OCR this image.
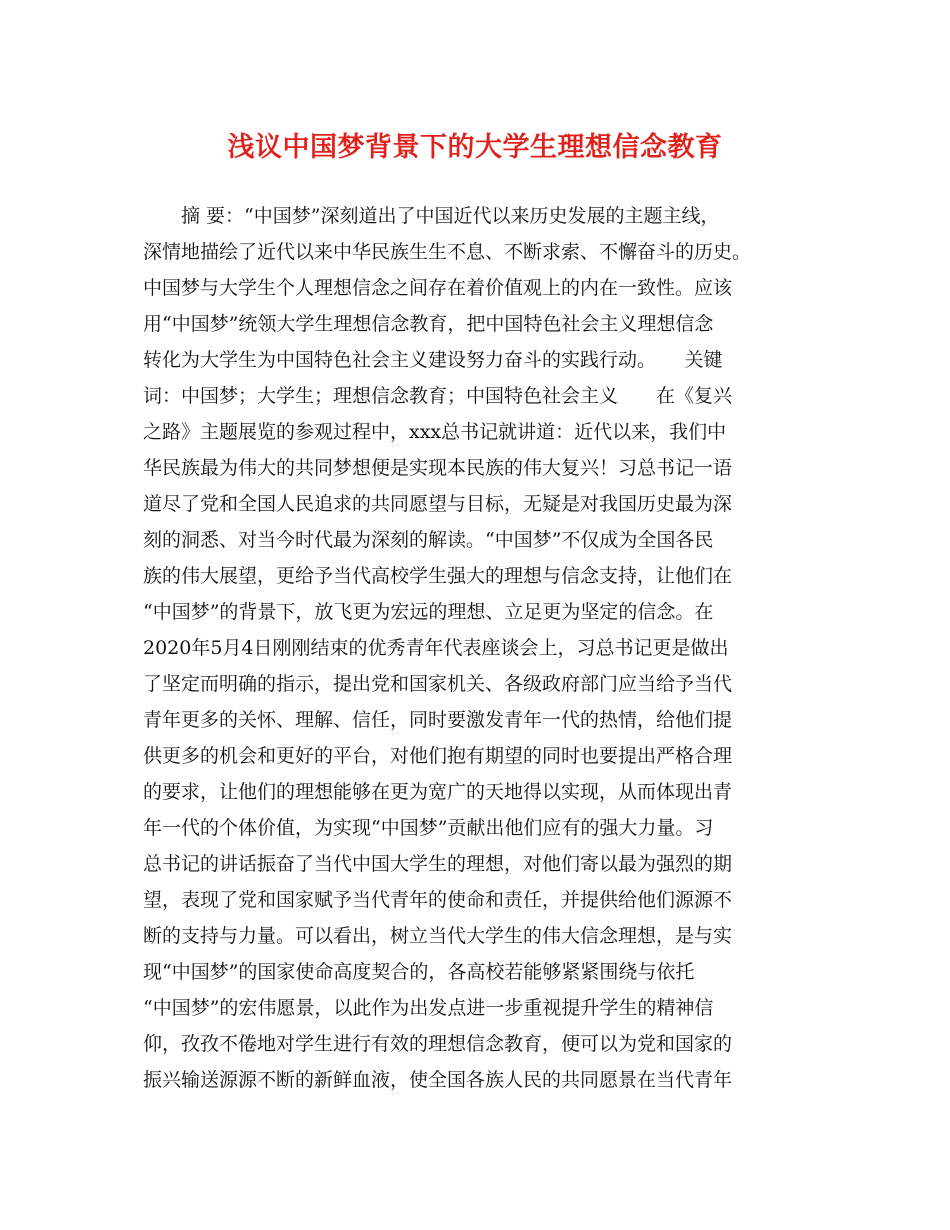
浅议中国梦背景下的大学生理想信念教育
　　摘 要：“中国梦”深刻道出了中国近代以来历史发展的主题主线，
深情地描绘了近代以来中华民族生生不息、不断求索、不懈奋斗的历史。
中国梦与大学生个人理想信念之间存在着价值观上的内在一致性。应该
用“中国梦”统领大学生理想信念教育，把中国特色社会主义理想信念
转化为大学生为中国特色社会主义建设努力奋斗的实践行动。　　关键
词：中国梦；大学生；理想信念教育；中国特色社会主义　　在《复兴
之路》主题展览的参观过程中，xxx总书记就讲道：近代以来，我们中
华民族最为伟大的共同梦想便是实现本民族的伟大复兴！习总书记一语
道尽了党和全国人民追求的共同愿望与目标，无疑是对我国历史最为深
刻的洞悉、对当今时代最为深刻的解读。“中国梦”不仅成为全国各民
族的伟大展望，更给予当代高校学生强大的理想与信念支持，让他们在
“中国梦”的背景下，放飞更为宏远的理想、立足更为坚定的信念。在
2020年5月4日刚刚结束的优秀青年代表座谈会上，习总书记更是做出
了坚定而明确的指示，提出党和国家机关、各级政府部门应当给予当代
青年更多的关怀、理解、信任，同时要激发青年一代的热情，给他们提
供更多的机会和更好的平台，对他们抱有期望的同时也要提出严格合理
的要求，让他们的理想能够在更为宽广的天地得以实现，从而体现出青
年一代的个体价值，为实现“中国梦”贡献出他们应有的强大力量。习
总书记的讲话振奋了当代中国大学生的理想，对他们寄以最为强烈的期
望，表现了党和国家赋予当代青年的使命和责任，并提供给他们源源不
断的支持与力量。可以看出，树立当代大学生的伟大信念理想，是与实
现“中国梦”的国家使命高度契合的，各高校若能够紧紧围绕与依托
“中国梦”的宏伟愿景，以此作为出发点进一步重视提升学生的精神信
仰，孜孜不倦地对学生进行有效的理想信念教育，便可以为党和国家的
振兴输送源源不断的新鲜血液，使全国各族人民的共同愿景在当代青年
